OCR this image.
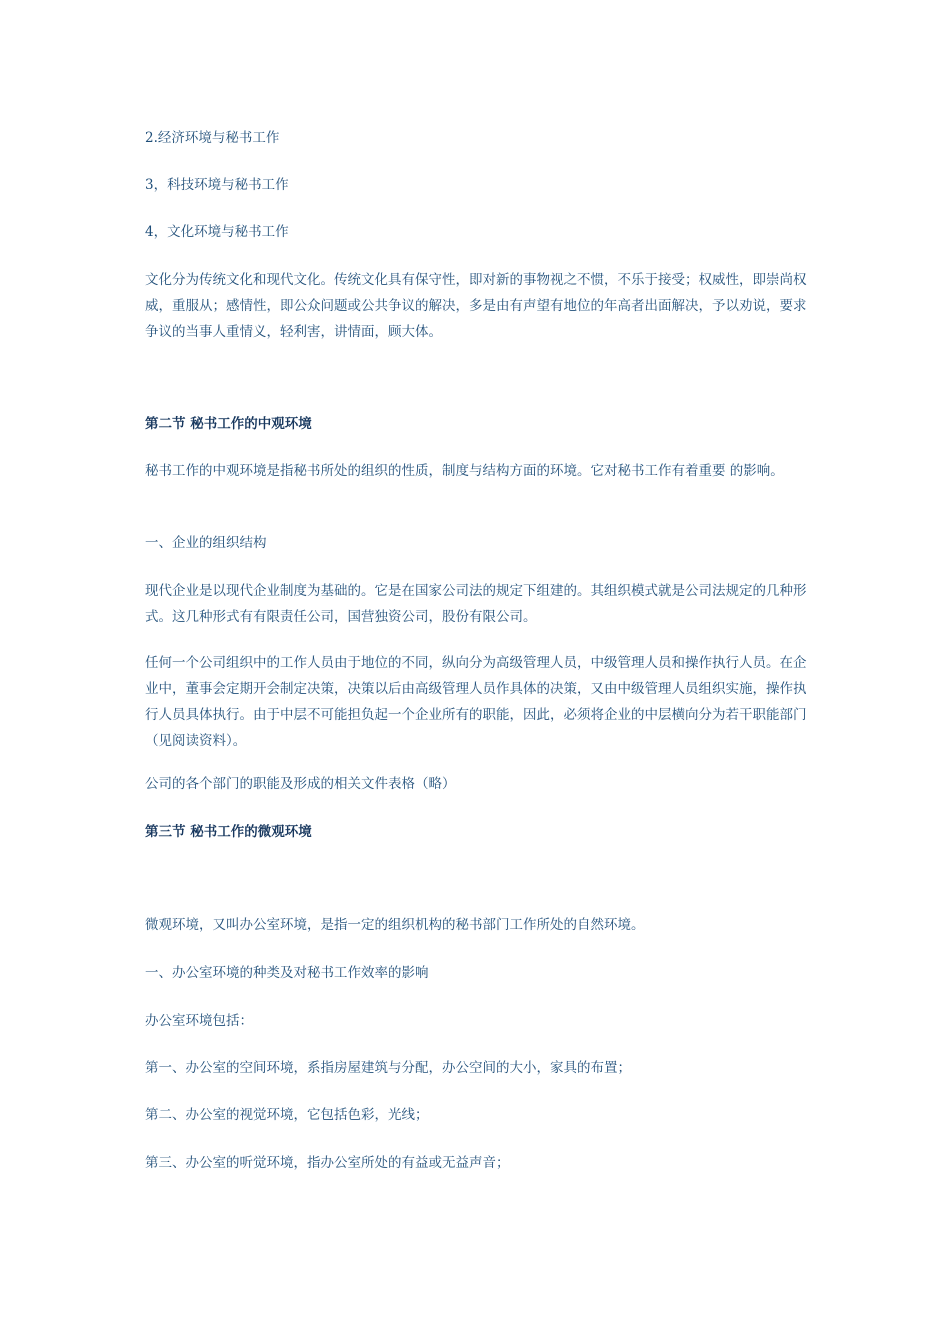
2.经济环境与秘书工作

3，科技环境与秘书工作

4，文化环境与秘书工作

文化分为传统文化和现代文化。传统文化具有保守性，即对新的事物视之不惯，不乐于接受；权威性，即崇尚权威，重服从；感情性，即公众问题或公共争议的解决，多是由有声望有地位的年高者出面解决，予以劝说，要求争议的当事人重情义，轻利害，讲情面，顾大体。

第二节 秘书工作的中观环境

秘书工作的中观环境是指秘书所处的组织的性质，制度与结构方面的环境。它对秘书工作有着重要 的影响。

一、企业的组织结构

现代企业是以现代企业制度为基础的。它是在国家公司法的规定下组建的。其组织模式就是公司法规定的几种形式。这几种形式有有限责任公司，国营独资公司，股份有限公司。

任何一个公司组织中的工作人员由于地位的不同，纵向分为高级管理人员，中级管理人员和操作执行人员。在企业中，董事会定期开会制定决策，决策以后由高级管理人员作具体的决策，又由中级管理人员组织实施，操作执行人员具体执行。由于中层不可能担负起一个企业所有的职能，因此，必须将企业的中层横向分为若干职能部门（见阅读资料）。

公司的各个部门的职能及形成的相关文件表格（略）

第三节 秘书工作的微观环境

微观环境，又叫办公室环境，是指一定的组织机构的秘书部门工作所处的自然环境。

一、办公室环境的种类及对秘书工作效率的影响

办公室环境包括：

第一、办公室的空间环境，系指房屋建筑与分配，办公空间的大小，家具的布置；

第二、办公室的视觉环境，它包括色彩，光线；

第三、办公室的听觉环境，指办公室所处的有益或无益声音；
